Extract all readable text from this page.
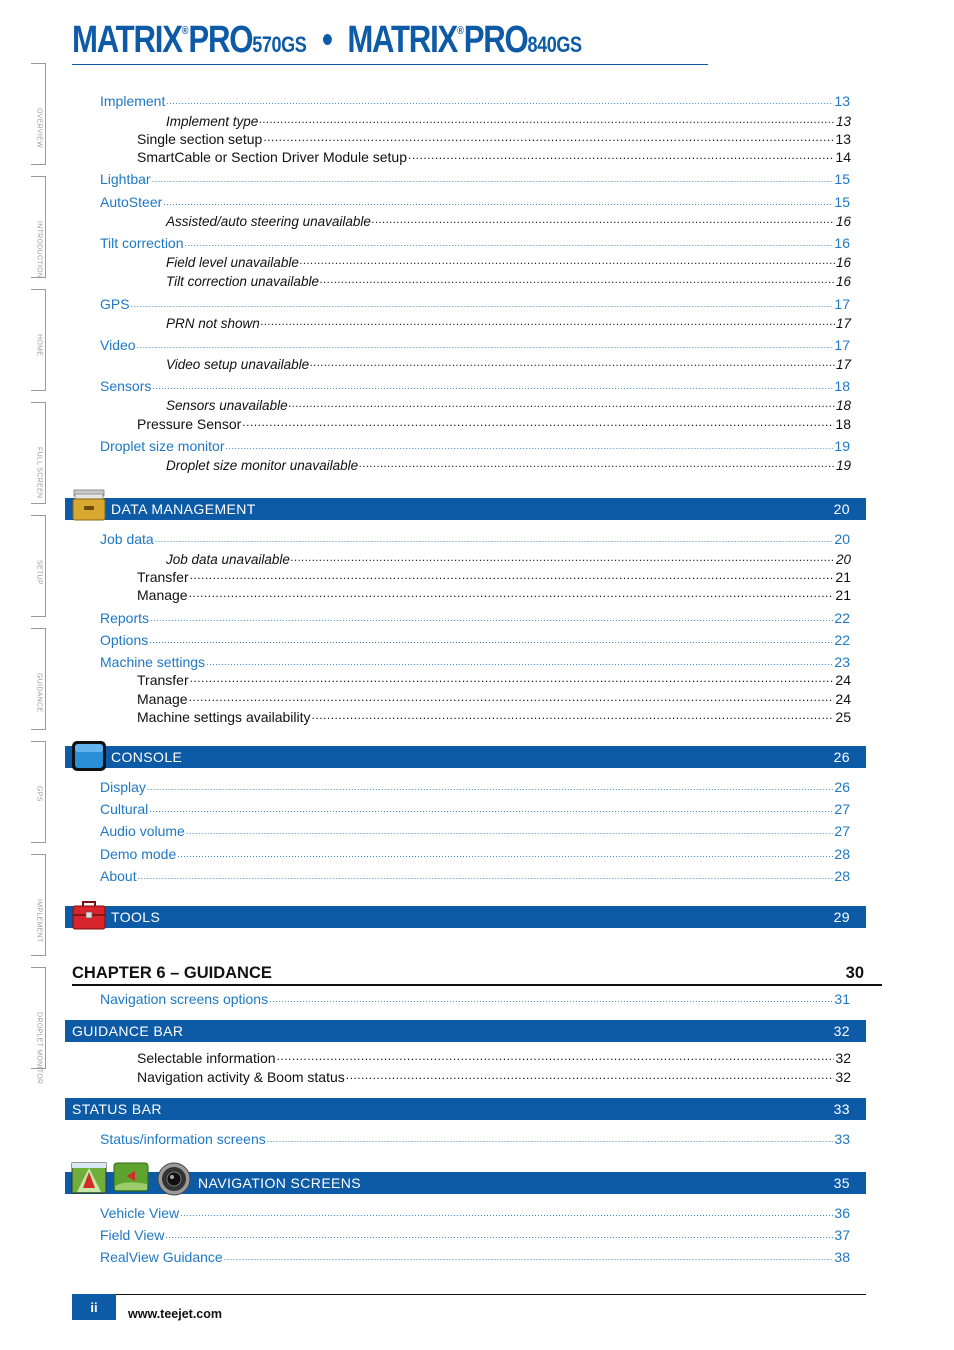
MATRIX®PRO570GS • MATRIX®PRO840GS
OVERVIEW
INTRODUCTION
HOME
FULL SCREEN
SETUP
GUIDANCE
GPS
IMPLEMENT
DROPLET MONITOR
Implement .....	13
Implement type .....	13
Single section setup .....	13
SmartCable or Section Driver Module setup .....	14
Lightbar .....	15
AutoSteer .....	15
Assisted/auto steering unavailable .....	16
Tilt correction .....	16
Field level unavailable .....	16
Tilt correction unavailable .....	16
GPS .....	17
PRN not shown .....	17
Video .....	17
Video setup unavailable .....	17
Sensors .....	18
Sensors unavailable .....	18
Pressure Sensor .....	18
Droplet size monitor .....	19
Droplet size monitor unavailable .....	19
DATA MANAGEMENT	20
Job data .....	20
Job data unavailable .....	20
Transfer .....	21
Manage .....	21
Reports .....	22
Options .....	22
Machine settings .....	23
Transfer .....	24
Manage .....	24
Machine settings availability .....	25
CONSOLE	26
Display .....	26
Cultural .....	27
Audio volume .....	27
Demo mode .....	28
About .....	28
TOOLS	29
CHAPTER 6 – GUIDANCE	30
Navigation screens options .....	31
GUIDANCE BAR	32
Selectable information .....	32
Navigation activity & Boom status .....	32
STATUS BAR	33
Status/information screens .....	33
NAVIGATION SCREENS	35
Vehicle View .....	36
Field View .....	37
RealView Guidance .....	38
ii	www.teejet.com
